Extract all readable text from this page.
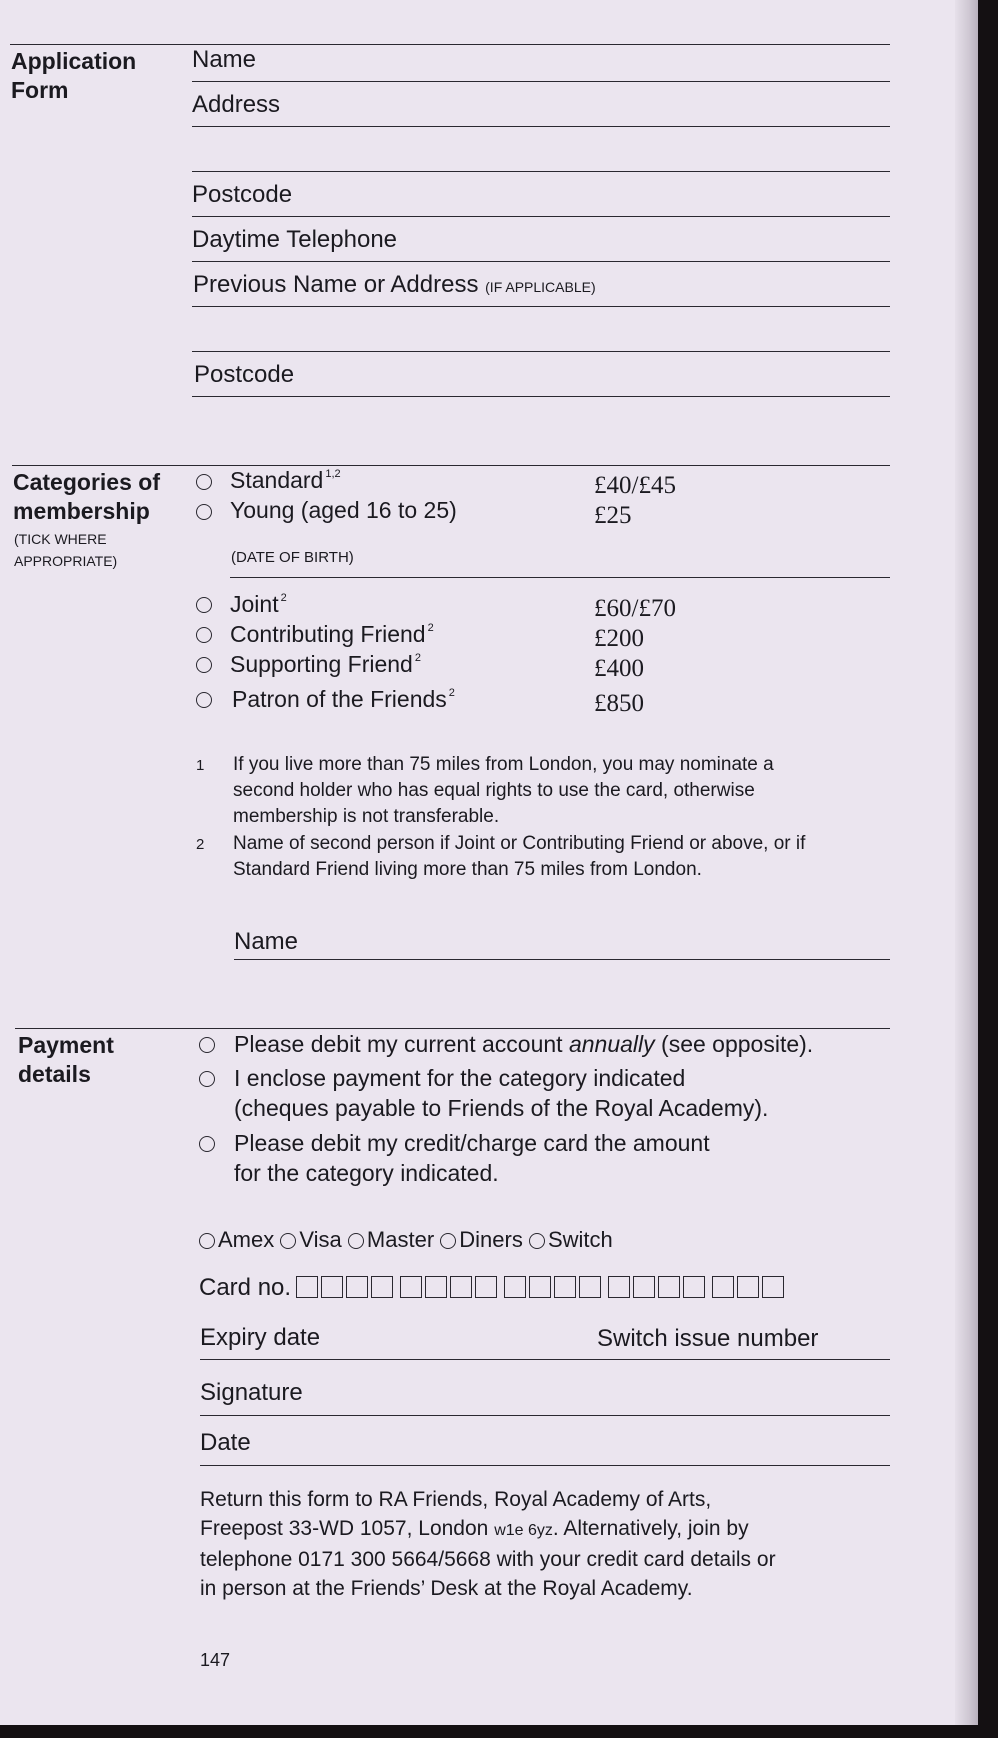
Application Form
Name
Address
Postcode
Daytime Telephone
Previous Name or Address (IF APPLICABLE)
Postcode
Categories of membership
(TICK WHERE APPROPRIATE)
Standard $^{1,2}$	£40/£45
Young (aged 16 to 25)	£25
(DATE OF BIRTH)
Joint $^2$	£60/£70
Contributing Friend $^2$	£200
Supporting Friend $^2$	£400
Patron of the Friends $^2$	£850
1 If you live more than 75 miles from London, you may nominate a second holder who has equal rights to use the card, otherwise membership is not transferable.
2 Name of second person if Joint or Contributing Friend or above, or if Standard Friend living more than 75 miles from London.
Name
Payment details
Please debit my current account annually (see opposite).
I enclose payment for the category indicated
(cheques payable to Friends of the Royal Academy).
Please debit my credit/charge card the amount
for the category indicated.
Amex Visa Master Diners Switch
Card no.
Expiry date	Switch issue number
Signature
Date
Return this form to RA Friends, Royal Academy of Arts,
Freepost 33-WD 1057, London w1e 6yz. Alternatively, join by
telephone 0171 300 5664/5668 with your credit card details or
in person at the Friends’ Desk at the Royal Academy.
147
